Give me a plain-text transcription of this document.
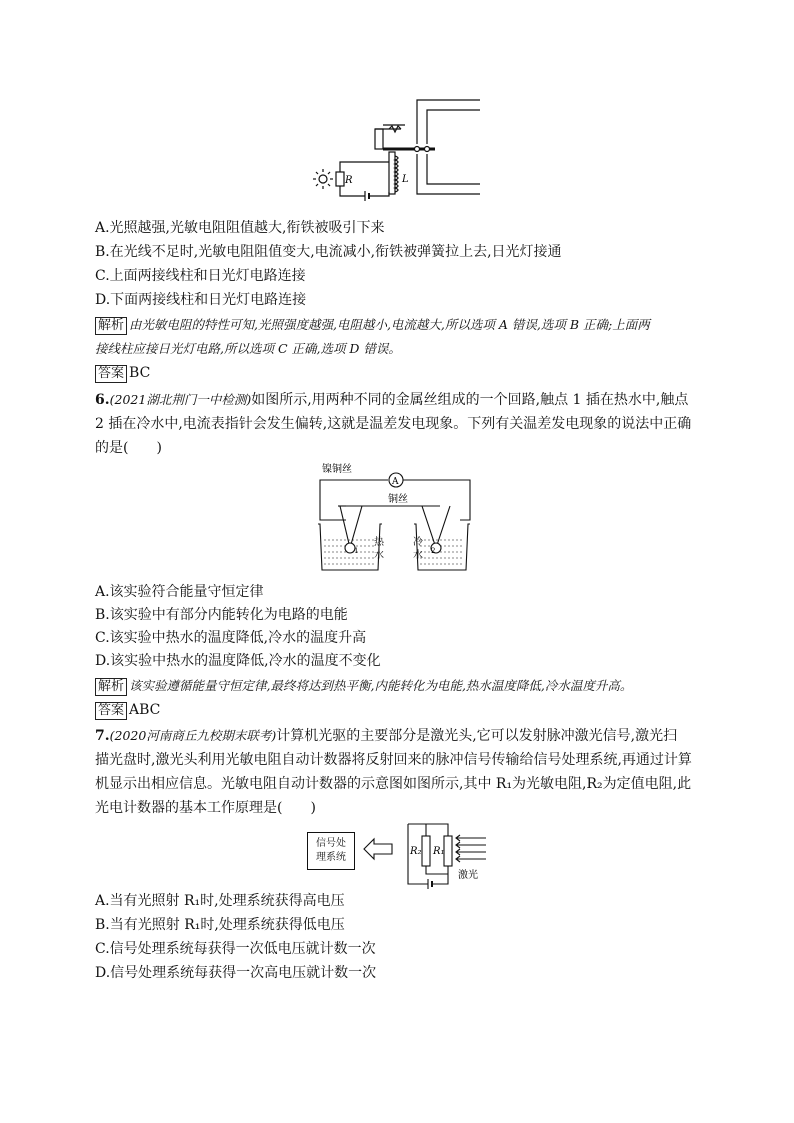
R	L
A.光照越强,光敏电阻阻值越大,衔铁被吸引下来
B.在光线不足时,光敏电阻阻值变大,电流减小,衔铁被弹簧拉上去,日光灯接通
C.上面两接线柱和日光灯电路连接
D.下面两接线柱和日光灯电路连接
解析 由光敏电阻的特性可知,光照强度越强,电阻越小,电流越大,所以选项 A 错误,选项 B 正确;上面两
接线柱应接日光灯电路,所以选项 C 正确,选项 D 错误。
答案 BC
6.(2021湖北荆门一中检测)如图所示,用两种不同的金属丝组成的一个回路,触点 1 插在热水中,触点
2 插在冷水中,电流表指针会发生偏转,这就是温差发电现象。下列有关温差发电现象的说法中正确
的是(　　)
镍铜丝
A
铜丝
1	2
热水
冷水
A.该实验符合能量守恒定律
B.该实验中有部分内能转化为电路的电能
C.该实验中热水的温度降低,冷水的温度升高
D.该实验中热水的温度降低,冷水的温度不变化
解析 该实验遵循能量守恒定律,最终将达到热平衡,内能转化为电能,热水温度降低,冷水温度升高。
答案 ABC
7.(2020河南商丘九校期末联考)计算机光驱的主要部分是激光头,它可以发射脉冲激光信号,激光扫
描光盘时,激光头利用光敏电阻自动计数器将反射回来的脉冲信号传输给信号处理系统,再通过计算
机显示出相应信息。光敏电阻自动计数器的示意图如图所示,其中 R₁为光敏电阻,R₂为定值电阻,此
光电计数器的基本工作原理是(　　)
信号处
理系统
R₂ R₁
激光
A.当有光照射 R₁时,处理系统获得高电压
B.当有光照射 R₁时,处理系统获得低电压
C.信号处理系统每获得一次低电压就计数一次
D.信号处理系统每获得一次高电压就计数一次
